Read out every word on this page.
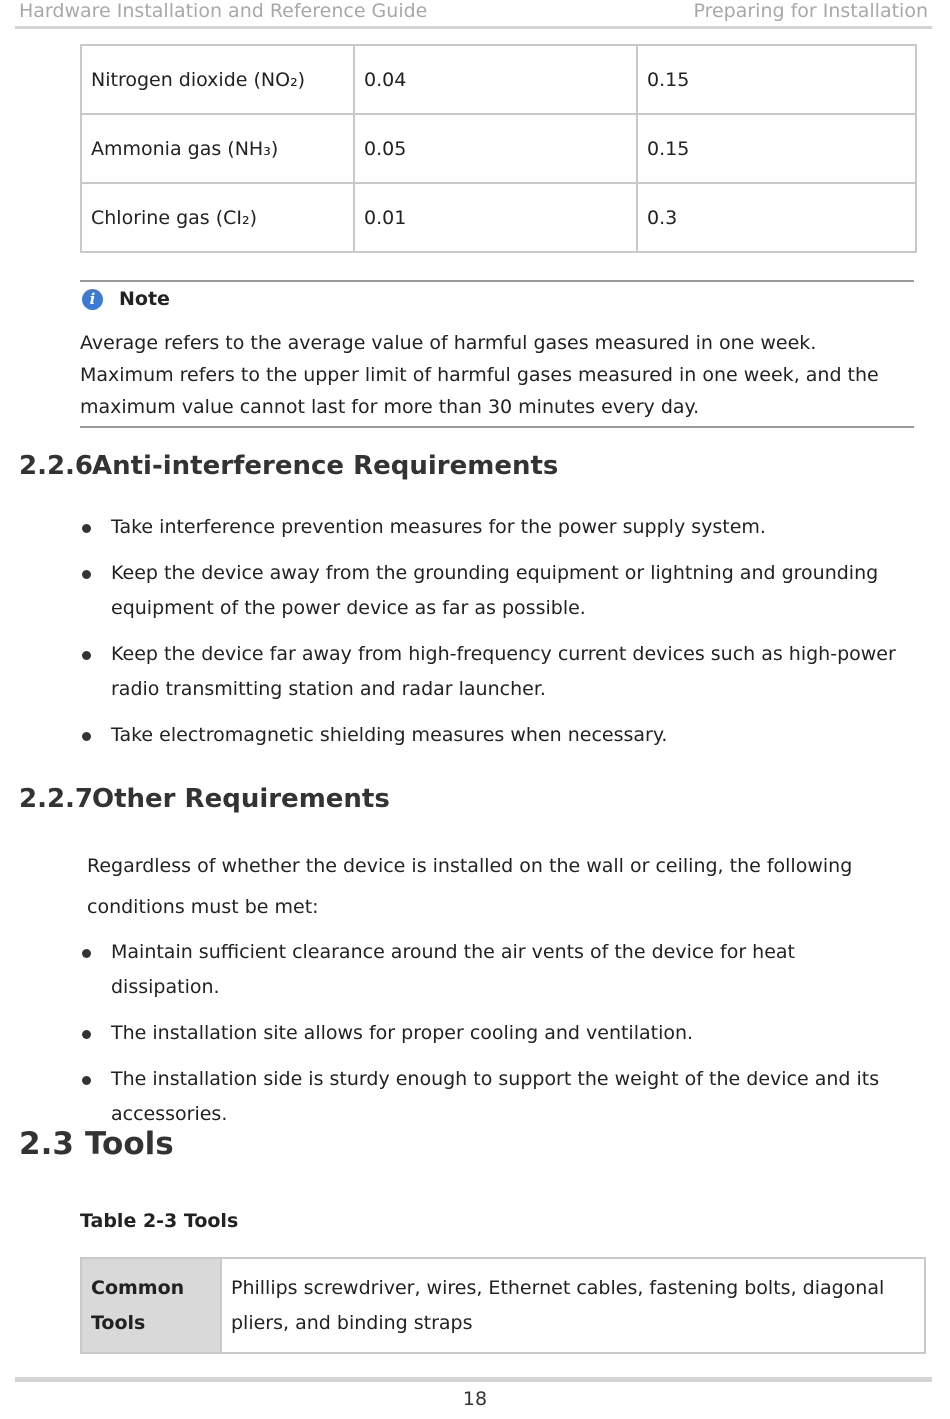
Hardware Installation and Reference Guide	Preparing for Installation
Nitrogen dioxide (NO₂)	0.04	0.15
Ammonia gas (NH₃)	0.05	0.15
Chlorine gas (CI₂)	0.01	0.3
i	Note
Average refers to the average value of harmful gases measured in one week. Maximum refers to the upper limit of harmful gases measured in one week, and the maximum value cannot last for more than 30 minutes every day.
2.2.6Anti-interference Requirements
Take interference prevention measures for the power supply system.
Keep the device away from the grounding equipment or lightning and grounding equipment of the power device as far as possible.
Keep the device far away from high-frequency current devices such as high-power radio transmitting station and radar launcher.
Take electromagnetic shielding measures when necessary.
2.2.7Other Requirements
Regardless of whether the device is installed on the wall or ceiling, the following conditions must be met:
Maintain sufficient clearance around the air vents of the device for heat dissipation.
The installation site allows for proper cooling and ventilation.
The installation side is sturdy enough to support the weight of the device and its accessories.
2.3 Tools
Table 2-3 Tools
Common Tools	Phillips screwdriver, wires, Ethernet cables, fastening bolts, diagonal pliers, and binding straps
18
